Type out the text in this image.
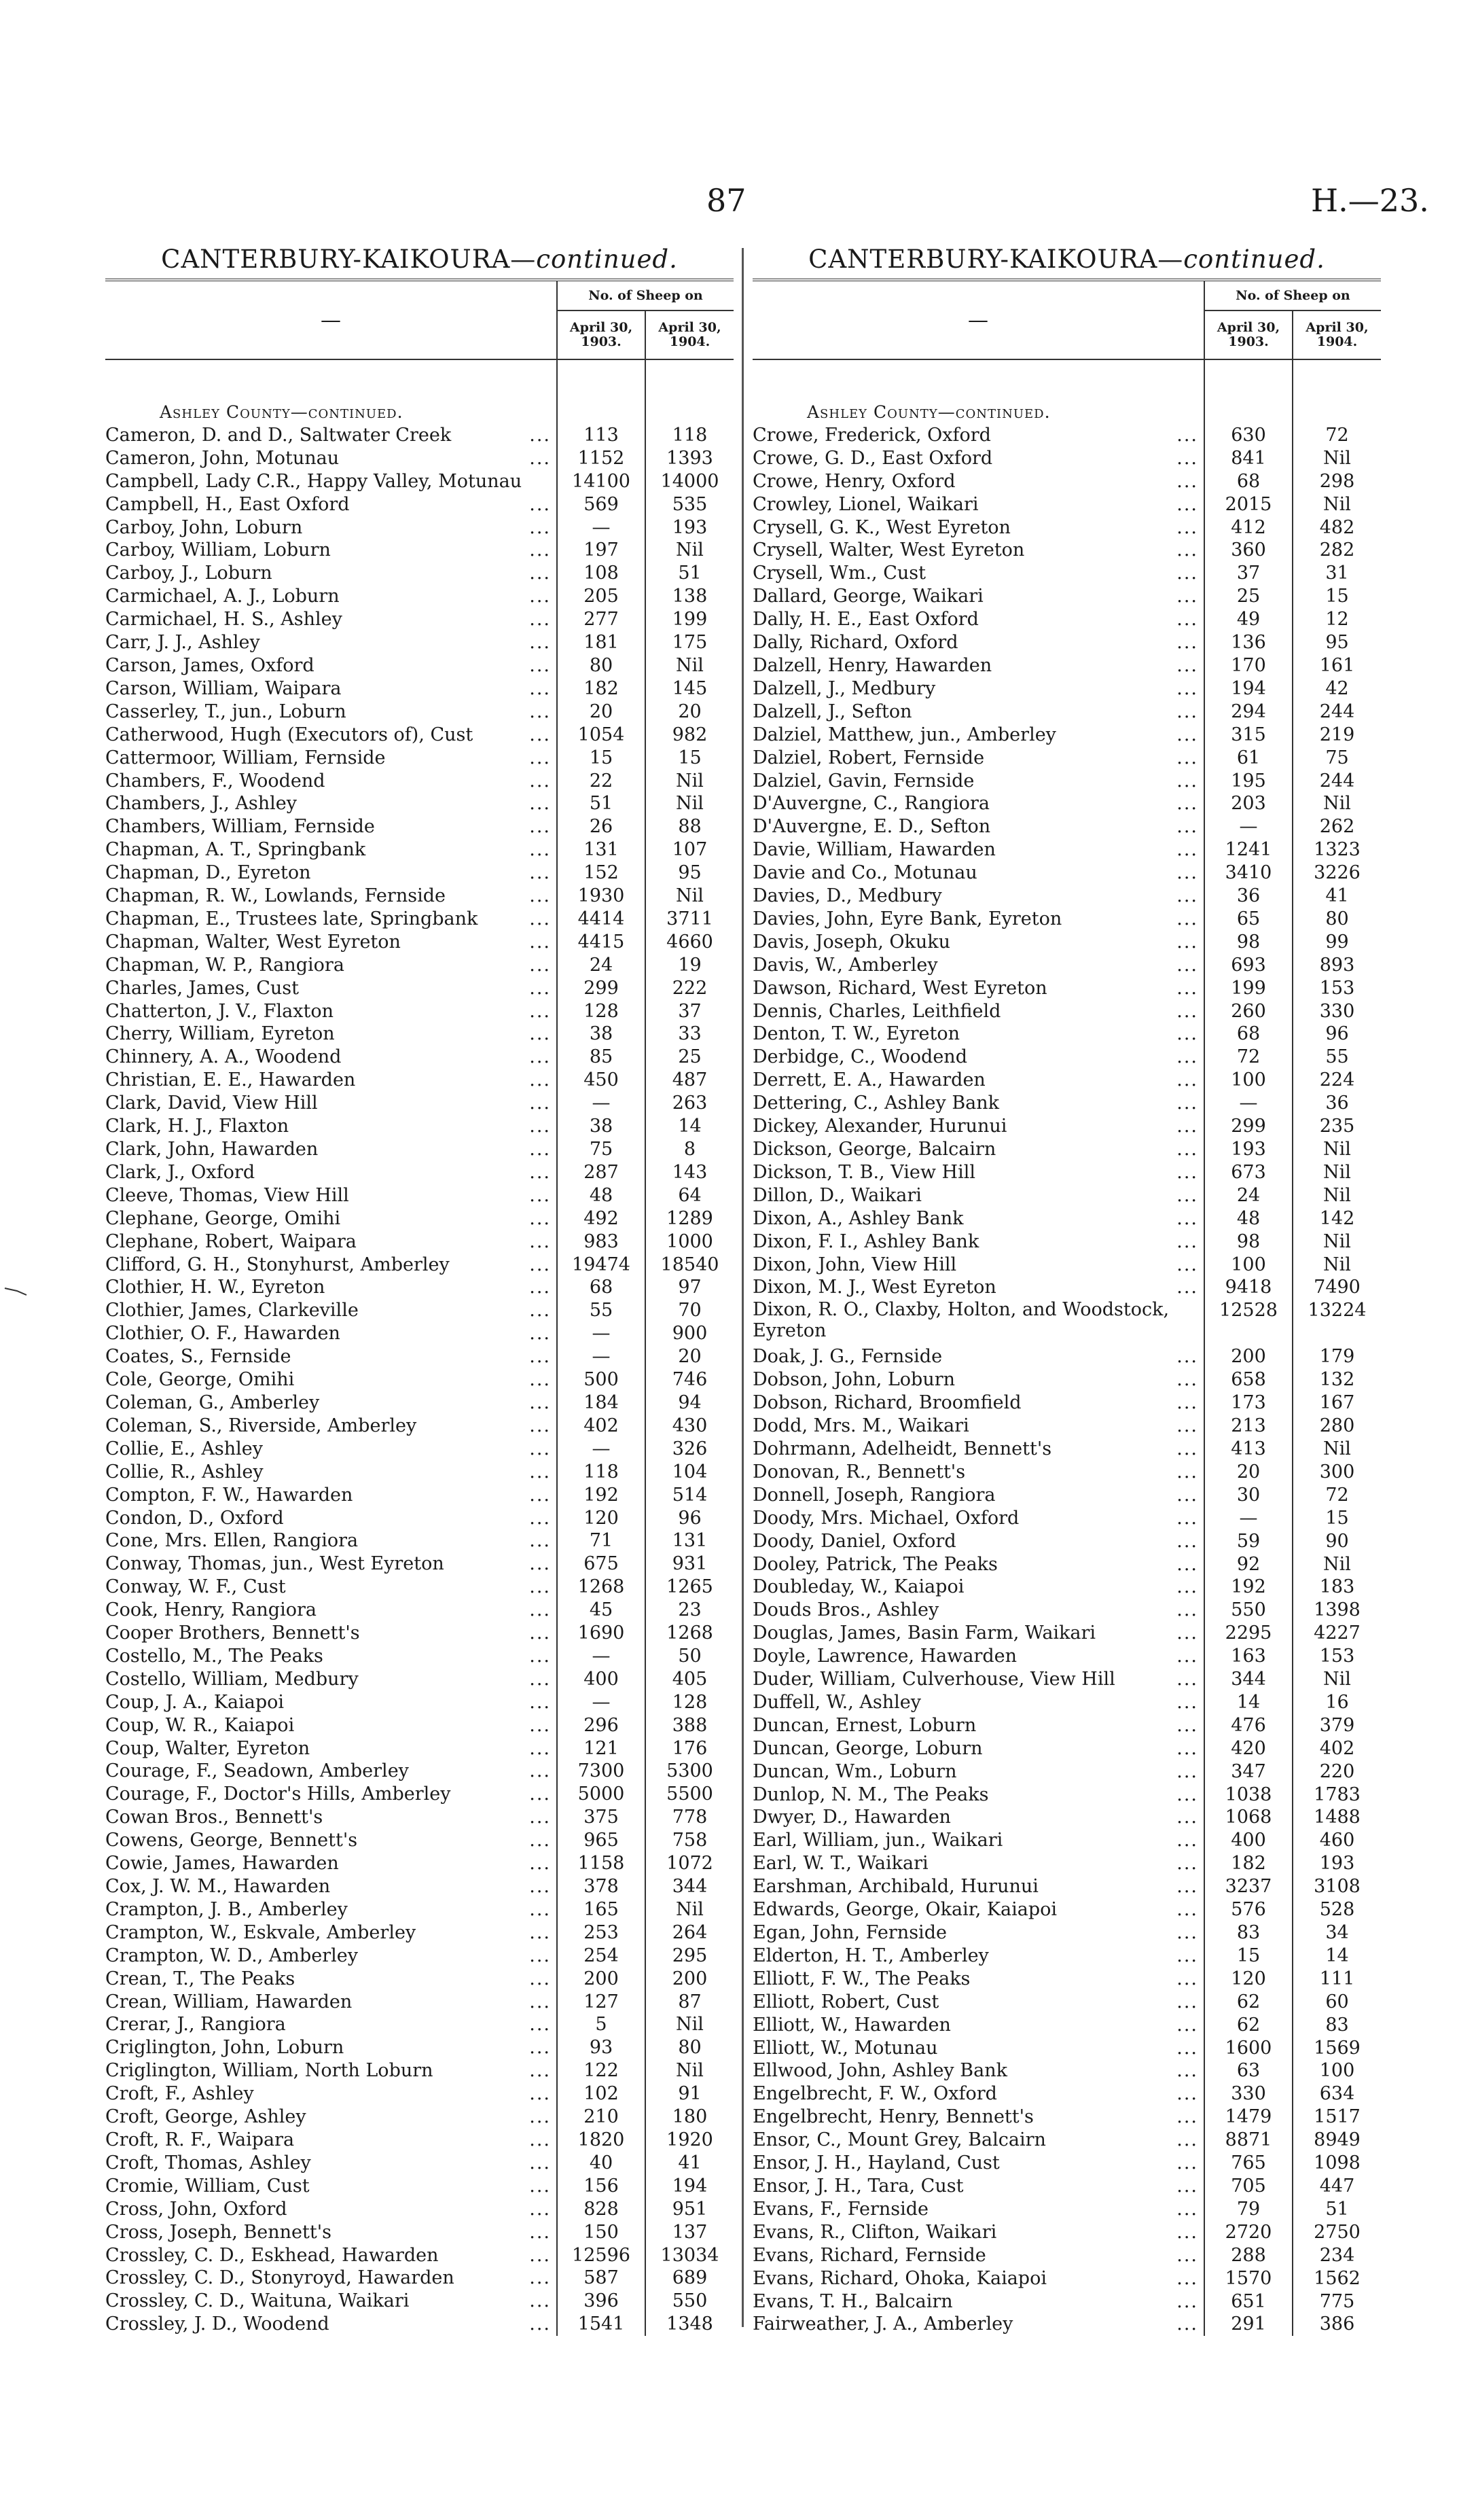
87	H.—23.
CANTERBURY-KAIKOURA—continued.
—	No. of Sheep on	
	April 30, 1903.	April 30, 1904.

Ashley County—continued.		
Cameron, D. and D., Saltwater Creek ...	113	118
Cameron, John, Motunau ...	1152	1393
Campbell, Lady C.R., Happy Valley, Motunau	14100	14000
Campbell, H., East Oxford ...	569	535
Carboy, John, Loburn ...	—	193
Carboy, William, Loburn ...	197	Nil
Carboy, J., Loburn ...	108	51
Carmichael, A. J., Loburn ...	205	138
Carmichael, H. S., Ashley ...	277	199
Carr, J. J., Ashley ...	181	175
Carson, James, Oxford ...	80	Nil
Carson, William, Waipara ...	182	145
Casserley, T., jun., Loburn ...	20	20
Catherwood, Hugh (Executors of), Cust ...	1054	982
Cattermoor, William, Fernside ...	15	15
Chambers, F., Woodend ...	22	Nil
Chambers, J., Ashley ...	51	Nil
Chambers, William, Fernside ...	26	88
Chapman, A. T., Springbank ...	131	107
Chapman, D., Eyreton ...	152	95
Chapman, R. W., Lowlands, Fernside ...	1930	Nil
Chapman, E., Trustees late, Springbank ...	4414	3711
Chapman, Walter, West Eyreton ...	4415	4660
Chapman, W. P., Rangiora ...	24	19
Charles, James, Cust ...	299	222
Chatterton, J. V., Flaxton ...	128	37
Cherry, William, Eyreton ...	38	33
Chinnery, A. A., Woodend ...	85	25
Christian, E. E., Hawarden ...	450	487
Clark, David, View Hill ...	—	263
Clark, H. J., Flaxton ...	38	14
Clark, John, Hawarden ...	75	8
Clark, J., Oxford ...	287	143
Cleeve, Thomas, View Hill ...	48	64
Clephane, George, Omihi ...	492	1289
Clephane, Robert, Waipara ...	983	1000
Clifford, G. H., Stonyhurst, Amberley ...	19474	18540
Clothier, H. W., Eyreton ...	68	97
Clothier, James, Clarkeville ...	55	70
Clothier, O. F., Hawarden ...	—	900
Coates, S., Fernside ...	—	20
Cole, George, Omihi ...	500	746
Coleman, G., Amberley ...	184	94
Coleman, S., Riverside, Amberley ...	402	430
Collie, E., Ashley ...	—	326
Collie, R., Ashley ...	118	104
Compton, F. W., Hawarden ...	192	514
Condon, D., Oxford ...	120	96
Cone, Mrs. Ellen, Rangiora ...	71	131
Conway, Thomas, jun., West Eyreton ...	675	931
Conway, W. F., Cust ...	1268	1265
Cook, Henry, Rangiora ...	45	23
Cooper Brothers, Bennett's ...	1690	1268
Costello, M., The Peaks ...	—	50
Costello, William, Medbury ...	400	405
Coup, J. A., Kaiapoi ...	—	128
Coup, W. R., Kaiapoi ...	296	388
Coup, Walter, Eyreton ...	121	176
Courage, F., Seadown, Amberley ...	7300	5300
Courage, F., Doctor's Hills, Amberley ...	5000	5500
Cowan Bros., Bennett's ...	375	778
Cowens, George, Bennett's ...	965	758
Cowie, James, Hawarden ...	1158	1072
Cox, J. W. M., Hawarden ...	378	344
Crampton, J. B., Amberley ...	165	Nil
Crampton, W., Eskvale, Amberley ...	253	264
Crampton, W. D., Amberley ...	254	295
Crean, T., The Peaks ...	200	200
Crean, William, Hawarden ...	127	87
Crerar, J., Rangiora ...	5	Nil
Criglington, John, Loburn ...	93	80
Criglington, William, North Loburn ...	122	Nil
Croft, F., Ashley ...	102	91
Croft, George, Ashley ...	210	180
Croft, R. F., Waipara ...	1820	1920
Croft, Thomas, Ashley ...	40	41
Cromie, William, Cust ...	156	194
Cross, John, Oxford ...	828	951
Cross, Joseph, Bennett's ...	150	137
Crossley, C. D., Eskhead, Hawarden ...	12596	13034
Crossley, C. D., Stonyroyd, Hawarden ...	587	689
Crossley, C. D., Waituna, Waikari ...	396	550
Crossley, J. D., Woodend ...	1541	1348
CANTERBURY-KAIKOURA—continued.
—	No. of Sheep on	
	April 30, 1903.	April 30, 1904.

Ashley County—continued.		
Crowe, Frederick, Oxford ...	630	72
Crowe, G. D., East Oxford ...	841	Nil
Crowe, Henry, Oxford ...	68	298
Crowley, Lionel, Waikari ...	2015	Nil
Crysell, G. K., West Eyreton ...	412	482
Crysell, Walter, West Eyreton ...	360	282
Crysell, Wm., Cust ...	37	31
Dallard, George, Waikari ...	25	15
Dally, H. E., East Oxford ...	49	12
Dally, Richard, Oxford ...	136	95
Dalzell, Henry, Hawarden ...	170	161
Dalzell, J., Medbury ...	194	42
Dalzell, J., Sefton ...	294	244
Dalziel, Matthew, jun., Amberley ...	315	219
Dalziel, Robert, Fernside ...	61	75
Dalziel, Gavin, Fernside ...	195	244
D'Auvergne, C., Rangiora ...	203	Nil
D'Auvergne, E. D., Sefton ...	—	262
Davie, William, Hawarden ...	1241	1323
Davie and Co., Motunau ...	3410	3226
Davies, D., Medbury ...	36	41
Davies, John, Eyre Bank, Eyreton ...	65	80
Davis, Joseph, Okuku ...	98	99
Davis, W., Amberley ...	693	893
Dawson, Richard, West Eyreton ...	199	153
Dennis, Charles, Leithfield ...	260	330
Denton, T. W., Eyreton ...	68	96
Derbidge, C., Woodend ...	72	55
Derrett, E. A., Hawarden ...	100	224
Dettering, C., Ashley Bank ...	—	36
Dickey, Alexander, Hurunui ...	299	235
Dickson, George, Balcairn ...	193	Nil
Dickson, T. B., View Hill ...	673	Nil
Dillon, D., Waikari ...	24	Nil
Dixon, A., Ashley Bank ...	48	142
Dixon, F. I., Ashley Bank ...	98	Nil
Dixon, John, View Hill ...	100	Nil
Dixon, M. J., West Eyreton ...	9418	7490
Dixon, R. O., Claxby, Holton, and Woodstock, Eyreton	12528	13224
Doak, J. G., Fernside ...	200	179
Dobson, John, Loburn ...	658	132
Dobson, Richard, Broomfield ...	173	167
Dodd, Mrs. M., Waikari ...	213	280
Dohrmann, Adelheidt, Bennett's ...	413	Nil
Donovan, R., Bennett's ...	20	300
Donnell, Joseph, Rangiora ...	30	72
Doody, Mrs. Michael, Oxford ...	—	15
Doody, Daniel, Oxford ...	59	90
Dooley, Patrick, The Peaks ...	92	Nil
Doubleday, W., Kaiapoi ...	192	183
Douds Bros., Ashley ...	550	1398
Douglas, James, Basin Farm, Waikari ...	2295	4227
Doyle, Lawrence, Hawarden ...	163	153
Duder, William, Culverhouse, View Hill ...	344	Nil
Duffell, W., Ashley ...	14	16
Duncan, Ernest, Loburn ...	476	379
Duncan, George, Loburn ...	420	402
Duncan, Wm., Loburn ...	347	220
Dunlop, N. M., The Peaks ...	1038	1783
Dwyer, D., Hawarden ...	1068	1488
Earl, William, jun., Waikari ...	400	460
Earl, W. T., Waikari ...	182	193
Earshman, Archibald, Hurunui ...	3237	3108
Edwards, George, Okair, Kaiapoi ...	576	528
Egan, John, Fernside ...	83	34
Elderton, H. T., Amberley ...	15	14
Elliott, F. W., The Peaks ...	120	111
Elliott, Robert, Cust ...	62	60
Elliott, W., Hawarden ...	62	83
Elliott, W., Motunau ...	1600	1569
Ellwood, John, Ashley Bank ...	63	100
Engelbrecht, F. W., Oxford ...	330	634
Engelbrecht, Henry, Bennett's ...	1479	1517
Ensor, C., Mount Grey, Balcairn ...	8871	8949
Ensor, J. H., Hayland, Cust ...	765	1098
Ensor, J. H., Tara, Cust ...	705	447
Evans, F., Fernside ...	79	51
Evans, R., Clifton, Waikari ...	2720	2750
Evans, Richard, Fernside ...	288	234
Evans, Richard, Ohoka, Kaiapoi ...	1570	1562
Evans, T. H., Balcairn ...	651	775
Fairweather, J. A., Amberley ...	291	386
